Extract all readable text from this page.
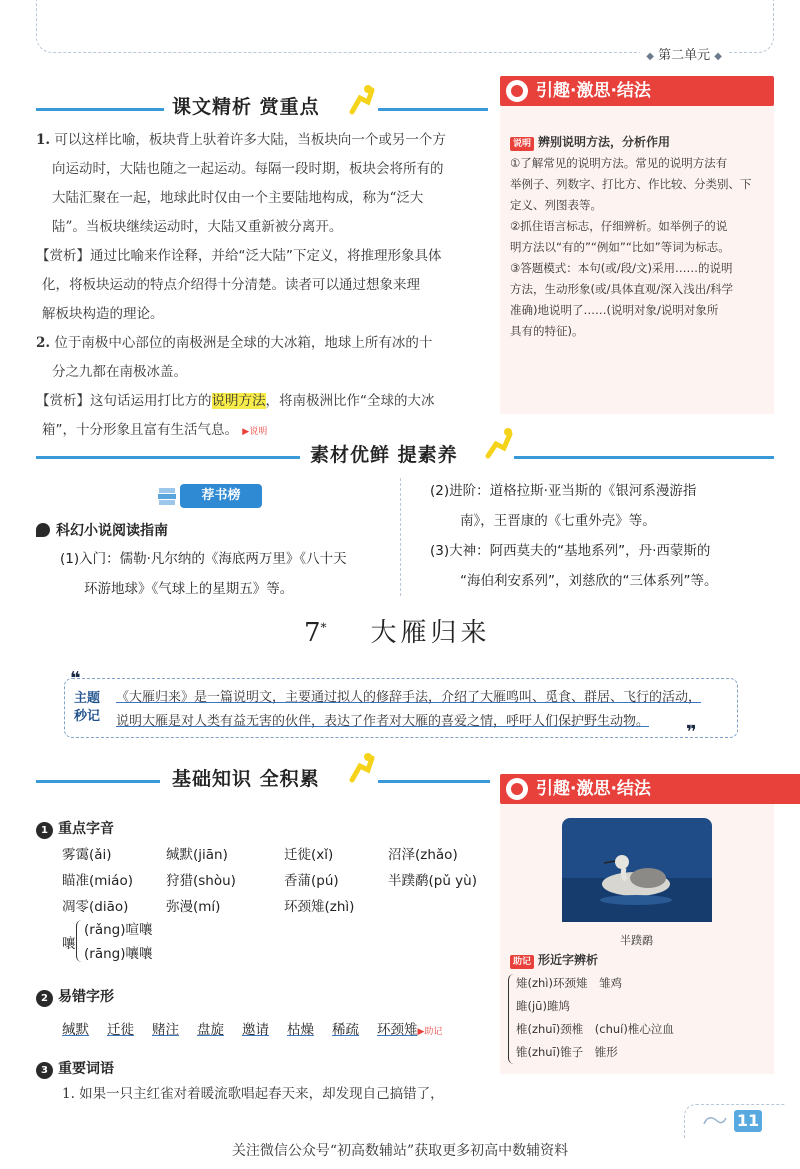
◆ 第二单元 ◆
课文精析 赏重点
1. 可以这样比喻，板块背上驮着许多大陆，当板块向一个或另一个方
向运动时，大陆也随之一起运动。每隔一段时期，板块会将所有的
大陆汇聚在一起，地球此时仅由一个主要陆地构成，称为“泛大
陆”。当板块继续运动时，大陆又重新被分离开。
【赏析】通过比喻来作诠释，并给“泛大陆”下定义，将推理形象具体
化，将板块运动的特点介绍得十分清楚。读者可以通过想象来理
解板块构造的理论。
2. 位于南极中心部位的南极洲是全球的大冰箱，地球上所有冰的十
分之九都在南极冰盖。
【赏析】这句话运用打比方的说明方法，将南极洲比作“全球的大冰
箱”，十分形象且富有生活气息。 ▶说明
引趣·激思·结法
说明 辨别说明方法，分析作用
①了解常见的说明方法。常见的说明方法有
举例子、列数字、打比方、作比较、分类别、下
定义、列图表等。
②抓住语言标志，仔细辨析。如举例子的说
明方法以“有的”“例如”“比如”等词为标志。
③答题模式：本句(或/段/文)采用……的说明
方法，生动形象(或/具体直观/深入浅出/科学
准确)地说明了……(说明对象/说明对象所
具有的特征)。
素材优鲜 提素养
荐书榜
科幻小说阅读指南
(1)入门：儒勒·凡尔纳的《海底两万里》《八十天
环游地球》《气球上的星期五》等。
(2)进阶：道格拉斯·亚当斯的《银河系漫游指
南》，王晋康的《七重外壳》等。
(3)大神：阿西莫夫的“基地系列”，丹·西蒙斯的
“海伯利安系列”，刘慈欣的“三体系列”等。
7* 大雁归来
❝
❞
主题
秒记
《大雁归来》是一篇说明文，主要通过拟人的修辞手法，介绍了大雁鸣叫、觅食、群居、飞行的活动，
说明大雁是对人类有益无害的伙伴，表达了作者对大雁的喜爱之情，呼吁人们保护野生动物。
基础知识 全积累
1 重点字音
雾霭(ǎi)	缄默(jiān)	迁徙(xǐ)	沼泽(zhǎo)
瞄准(miáo)	狩猎(shòu)	香蒲(pú)	半蹼鹬(pǔ yù)
凋零(diāo)	弥漫(mí)	环颈雉(zhì)
嚷
(rǎng)喧嚷
(rāng)嚷嚷
2 易错字形
缄默 迁徙 赌注 盘旋 邀请 枯燥 稀疏 环颈雉▶助记
3 重要词语
1. 如果一只主红雀对着暖流歌唱起春天来，却发现自己搞错了，
引趣·激思·结法
半蹼鹬
助记 形近字辨析
雉(zhì)环颈雉　雏鸡
雎(jū)雎鸠
椎(zhuī)颈椎　(chuí)椎心泣血
锥(zhuī)锥子　锥形
11
关注微信公众号“初高数辅站”获取更多初高中数辅资料
